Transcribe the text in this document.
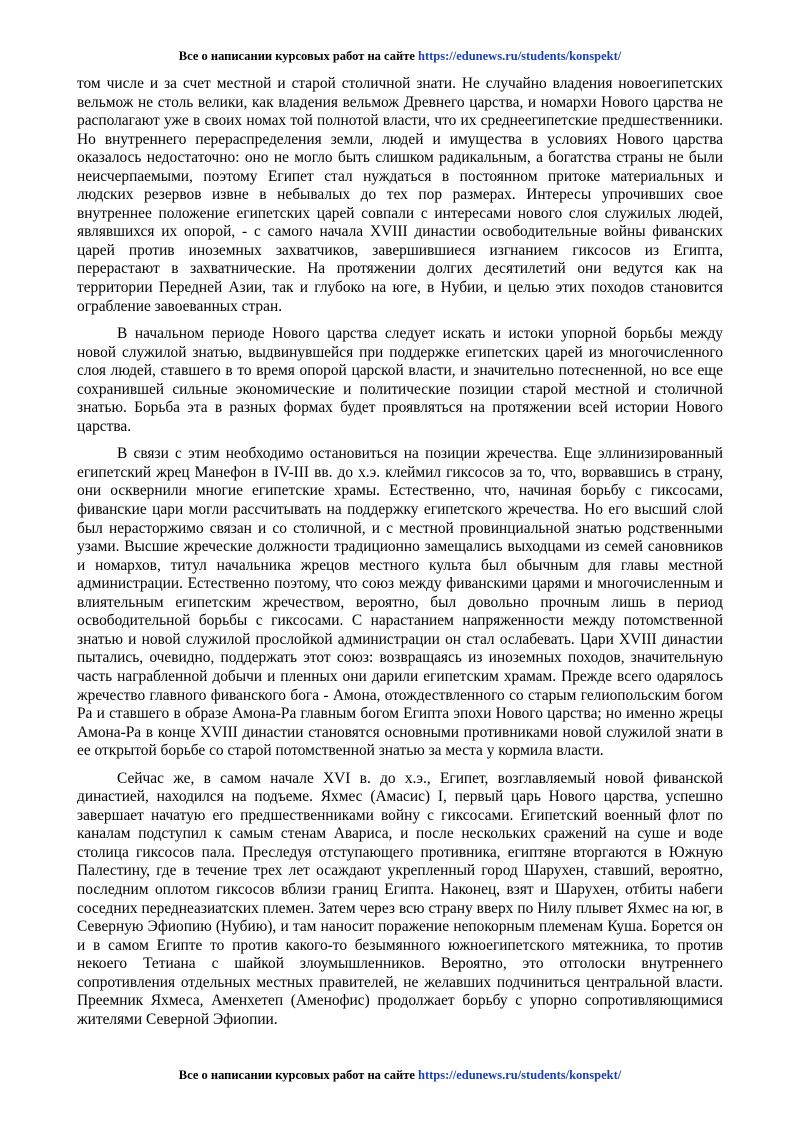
Все о написании курсовых работ на сайте https://edunews.ru/students/konspekt/

том числе и за счет местной и старой столичной знати. Не случайно владения новоегипетских вельмож не столь велики, как владения вельмож Древнего царства, и номархи Нового царства не располагают уже в своих номах той полнотой власти, что их среднеегипетские предшественники. Но внутреннего перераспределения земли, людей и имущества в условиях Нового царства оказалось недостаточно: оно не могло быть слишком радикальным, а богатства страны не были неисчерпаемыми, поэтому Египет стал нуждаться в постоянном притоке материальных и людских резервов извне в небывалых до тех пор размерах. Интересы упрочивших свое внутреннее положение египетских царей совпали с интересами нового слоя служилых людей, являвшихся их опорой, - с самого начала XVIII династии освободительные войны фиванских царей против иноземных захватчиков, завершившиеся изгнанием гиксосов из Египта, перерастают в захватнические. На протяжении долгих десятилетий они ведутся как на территории Передней Азии, так и глубоко на юге, в Нубии, и целью этих походов становится ограбление завоеванных стран.

В начальном периоде Нового царства следует искать и истоки упорной борьбы между новой служилой знатью, выдвинувшейся при поддержке египетских царей из многочисленного слоя людей, ставшего в то время опорой царской власти, и значительно потесненной, но все еще сохранившей сильные экономические и политические позиции старой местной и столичной знатью. Борьба эта в разных формах будет проявляться на протяжении всей истории Нового царства.

В связи с этим необходимо остановиться на позиции жречества. Еще эллинизированный египетский жрец Манефон в IV-III вв. до х.э. клеймил гиксосов за то, что, ворвавшись в страну, они осквернили многие египетские храмы. Естественно, что, начиная борьбу с гиксосами, фиванские цари могли рассчитывать на поддержку египетского жречества. Но его высший слой был нерасторжимо связан и со столичной, и с местной провинциальной знатью родственными узами. Высшие жреческие должности традиционно замещались выходцами из семей сановников и номархов, титул начальника жрецов местного культа был обычным для главы местной администрации. Естественно поэтому, что союз между фиванскими царями и многочисленным и влиятельным египетским жречеством, вероятно, был довольно прочным лишь в период освободительной борьбы с гиксосами. С нарастанием напряженности между потомственной знатью и новой служилой прослойкой администрации он стал ослабевать. Цари XVIII династии пытались, очевидно, поддержать этот союз: возвращаясь из иноземных походов, значительную часть награбленной добычи и пленных они дарили египетским храмам. Прежде всего одарялось жречество главного фиванского бога - Амона, отождествленного со старым гелиопольским богом Ра и ставшего в образе Амона-Ра главным богом Египта эпохи Нового царства; но именно жрецы Амона-Ра в конце XVIII династии становятся основными противниками новой служилой знати в ее открытой борьбе со старой потомственной знатью за места у кормила власти.

Сейчас же, в самом начале XVI в. до х.э., Египет, возглавляемый новой фиванской династией, находился на подъеме. Яхмес (Амасис) I, первый царь Нового царства, успешно завершает начатую его предшественниками войну с гиксосами. Египетский военный флот по каналам подступил к самым стенам Авариса, и после нескольких сражений на суше и воде столица гиксосов пала. Преследуя отступающего противника, египтяне вторгаются в Южную Палестину, где в течение трех лет осаждают укрепленный город Шарухен, ставший, вероятно, последним оплотом гиксосов вблизи границ Египта. Наконец, взят и Шарухен, отбиты набеги соседних переднеазиатских племен. Затем через всю страну вверх по Нилу плывет Яхмес на юг, в Северную Эфиопию (Нубию), и там наносит поражение непокорным племенам Куша. Борется он и в самом Египте то против какого-то безымянного южноегипетского мятежника, то против некоего Тетиана с шайкой злоумышленников. Вероятно, это отголоски внутреннего сопротивления отдельных местных правителей, не желавших подчиниться центральной власти. Преемник Яхмеса, Аменхетеп (Аменофис) продолжает борьбу с упорно сопротивляющимися жителями Северной Эфиопии.

Все о написании курсовых работ на сайте https://edunews.ru/students/konspekt/
